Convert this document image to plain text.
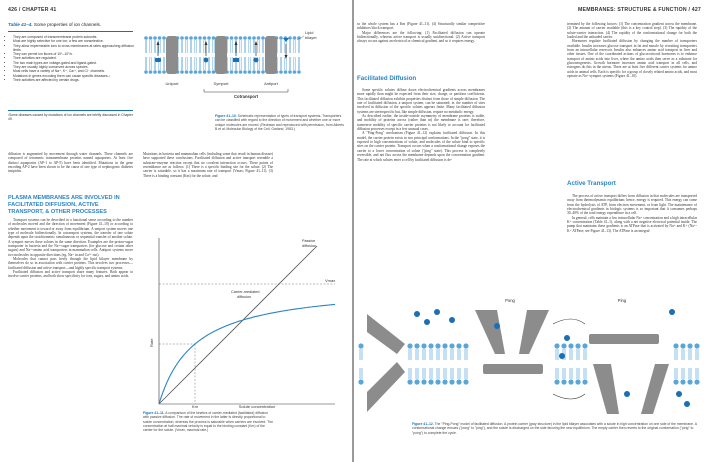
426 / CHAPTER 41
Table 41–4. Some properties of ion channels.
• They are composed of transmembrane protein subunits.
• Most are highly selective for one ion; a few are nonselective.
• They allow impermeable ions to cross membranes at rates approaching diffusion limits.
• They can permit ion fluxes of 10⁶–10⁷/s.
• Their activities are regulated.
• The two main types are voltage-gated and ligand-gated.
• They are usually highly conserved across species.
• Most cells have a variety of Na⁺, K⁺, Ca²⁺, and Cl⁻ channels.
• Mutations in genes encoding them can cause specific diseases.¹
• Their activities are affected by certain drugs.
¹Some diseases caused by mutations of ion channels are briefly discussed in Chapter 49.
Lipid
bilayer
Uniport	Symport	Antiport
Cotransport

Figure 41–10. Schematic representation of types of transport systems. Transporters can be classified with regard to the direction of movement and whether one or more unique molecules are moved. (Redrawn and reproduced with permission, from Alberts B et al: Molecular Biology of the Cell, Garland, 1983.)

diffusion is augmented by movement through water channels. These channels are composed of tetrameric transmembrane proteins named aquaporins. At least five distinct aquaporins (AP-1 to AP-5) have been identified. Mutations in the gene encoding AP-2 have been shown to be the cause of one type of nephrogenic diabetes insipidus.

PLASMA MEMBRANES ARE INVOLVED IN FACILITATED DIFFUSION, ACTIVE TRANSPORT, & OTHER PROCESSES

Transport systems can be described in a functional sense according to the number of molecules moved and the direction of movement (Figure 41–10) or according to whether movement is toward or away from equilibrium. A uniport system moves one type of molecule bidirectionally. In cotransport systems, the transfer of one solute depends upon the stoichiometric simultaneous or sequential transfer of another solute. A symport moves these solutes in the same direction. Examples are the proton-sugar transporter in bacteria and the Na⁺-sugar transporters (for glucose and certain other sugars) and Na⁺-amino acid transporters in mammalian cells. Antiport systems move two molecules in opposite directions (eg, Na⁺ in and Ca²⁺ out).

Molecules that cannot pass freely through the lipid bilayer membrane by themselves do so in association with carrier proteins. This involves two processes—facilitated diffusion and active transport—and highly specific transport systems.

Facilitated diffusion and active transport share many features. Both appear to involve carrier proteins, and both show specificity for ions, sugars, and amino acids.

Mutations in bacteria and mammalian cells (including some that result in human disease) have supported these conclusions. Facilitated diffusion and active transport resemble a substrate-enzyme reaction except that no covalent interaction occurs. These points of resemblance are as follows: (1) There is a specific binding site for the solute. (2) The carrier is saturable, so it has a maximum rate of transport (Vmax; Figure 41–11). (3) There is a binding constant (Km) for the solute, and

Passive
diffusion
Vmax
Carrier-mediated
diffusion
Km
Rate
Solute concentration

Figure 41–11. A comparison of the kinetics of carrier-mediated (facilitated) diffusion with passive diffusion. The rate of movement in the latter is directly proportional to solute concentration, whereas the process is saturable when carriers are involved. The concentration at half-maximal velocity is equal to the binding constant (Km) of the carrier for the solute. (Vmax, maximal rate.)

MEMBRANES: STRUCTURE & FUNCTION / 427

so the whole system has a Km (Figure 41–11). (4) Structurally similar competitive inhibitors block transport.

Major differences are the following: (1) Facilitated diffusion can operate bidirectionally, whereas active transport is usually unidirectional. (2) Active transport always occurs against an electrical or chemical gradient, and so it requires energy.

Facilitated Diffusion

Some specific solutes diffuse down electrochemical gradients across membranes more rapidly than might be expected from their size, charge, or partition coefficients. This facilitated diffusion exhibits properties distinct from those of simple diffusion. The rate of facilitated diffusion, a uniport system, can be saturated; ie, the number of sites involved in diffusion of the specific solutes appears finite. Many facilitated diffusion systems are stereospecific but, like simple diffusion, require no metabolic energy.

As described earlier, the inside-outside asymmetry of membrane proteins is stable, and mobility of proteins across (rather than in) the membrane is rare; therefore, transverse mobility of specific carrier proteins is not likely to account for facilitated diffusion processes except in a few unusual cases.

A "Ping-Pong" mechanism (Figure 41–12) explains facilitated diffusion. In this model, the carrier protein exists in two principal conformations. In the "pong" state, it is exposed to high concentrations of solute, and molecules of the solute bind to specific sites on the carrier protein. Transport occurs when a conformational change exposes the carrier to a lower concentration of solute ("ping" state). This process is completely reversible, and net flux across the membrane depends upon the concentration gradient. The rate at which solutes enter a cell by facilitated diffusion is de-

termined by the following factors: (1) The concentration gradient across the membrane. (2) The amount of carrier available (this is a key control step). (3) The rapidity of the solute-carrier interaction. (4) The rapidity of the conformational change for both the loaded and the unloaded carrier.

Hormones regulate facilitated diffusion by changing the number of transporters available. Insulin increases glucose transport in fat and muscle by recruiting transporters from an intracellular reservoir. Insulin also enhances amino acid transport in liver and other tissues. One of the coordinated actions of glucocorticoid hormones is to enhance transport of amino acids into liver, where the amino acids then serve as a substrate for gluconeogenesis. Growth hormone increases amino acid transport in all cells, and estrogens do this in the uterus. There are at least five different carrier systems for amino acids in animal cells. Each is specific for a group of closely related amino acids, and most operate as Na⁺-symport systems (Figure 41–10).

Active Transport

The process of active transport differs from diffusion in that molecules are transported away from thermodynamic equilibrium; hence, energy is required. This energy can come from the hydrolysis of ATP, from electron movement, or from light. The maintenance of electrochemical gradients in biologic systems is so important that it consumes perhaps 30–40% of the total energy expenditure in a cell.

In general, cells maintain a low intracellular Na⁺ concentration and a high intracellular K⁺ concentration (Table 41–1), along with a net negative electrical potential inside. The pump that maintains these gradients is an ATPase that is activated by Na⁺ and K⁺ (Na⁺-K⁺ ATPase; see Figure 41–13). The ATPase is an integral

Pong	Ping

Figure 41–12. The "Ping-Pong" model of facilitated diffusion. A protein carrier (gray structure) in the lipid bilayer associates with a solute in high concentration on one side of the membrane. A conformational change ensues ("pong" to "ping"), and the solute is discharged on the side favoring the new equilibrium. The empty carrier then reverts to the original conformation ("ping" to "pong") to complete the cycle.
